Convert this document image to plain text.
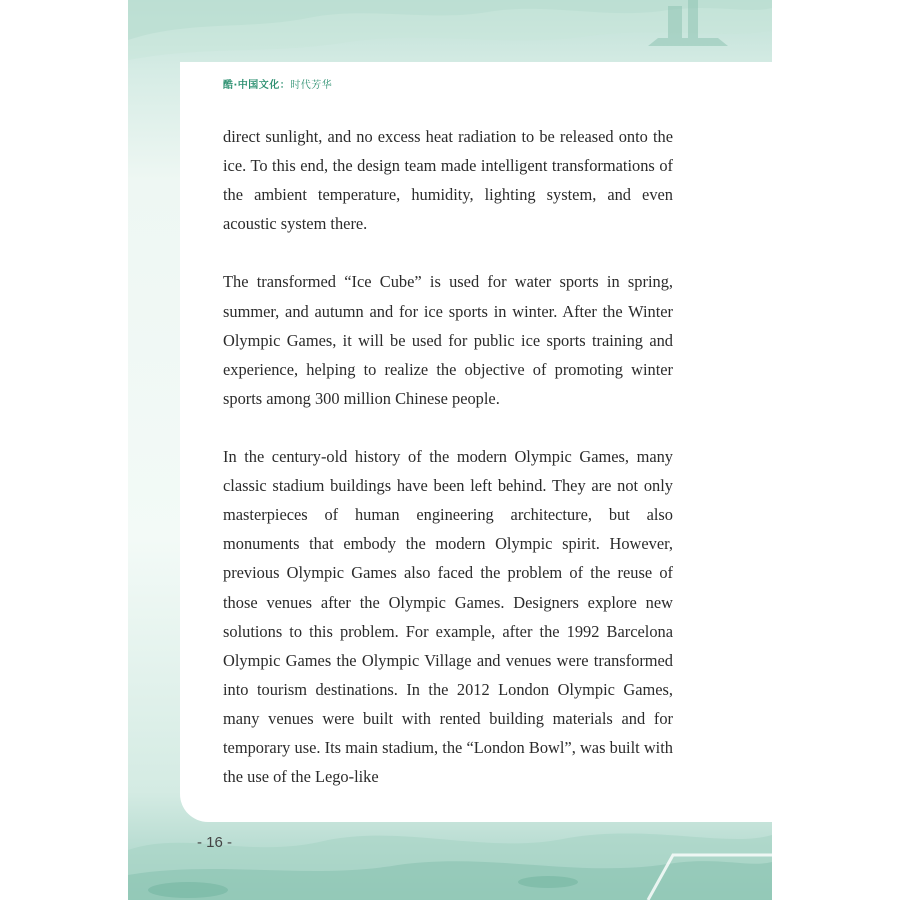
酷·中国文化：时代芳华

direct sunlight, and no excess heat radiation to be released onto the ice. To this end, the design team made intelligent transformations of the ambient temperature, humidity, lighting system, and even acoustic system there.

The transformed “Ice Cube” is used for water sports in spring, summer, and autumn and for ice sports in winter. After the Winter Olympic Games, it will be used for public ice sports training and experience, helping to realize the objective of promoting winter sports among 300 million Chinese people.

In the century-old history of the modern Olympic Games, many classic stadium buildings have been left behind. They are not only masterpieces of human engineering architecture, but also monuments that embody the modern Olympic spirit. However, previous Olympic Games also faced the problem of the reuse of those venues after the Olympic Games. Designers explore new solutions to this problem. For example, after the 1992 Barcelona Olympic Games the Olympic Village and venues were transformed into tourism destinations. In the 2012 London Olympic Games, many venues were built with rented building materials and for temporary use. Its main stadium, the “London Bowl”, was built with the use of the Lego-like

- 16 -
